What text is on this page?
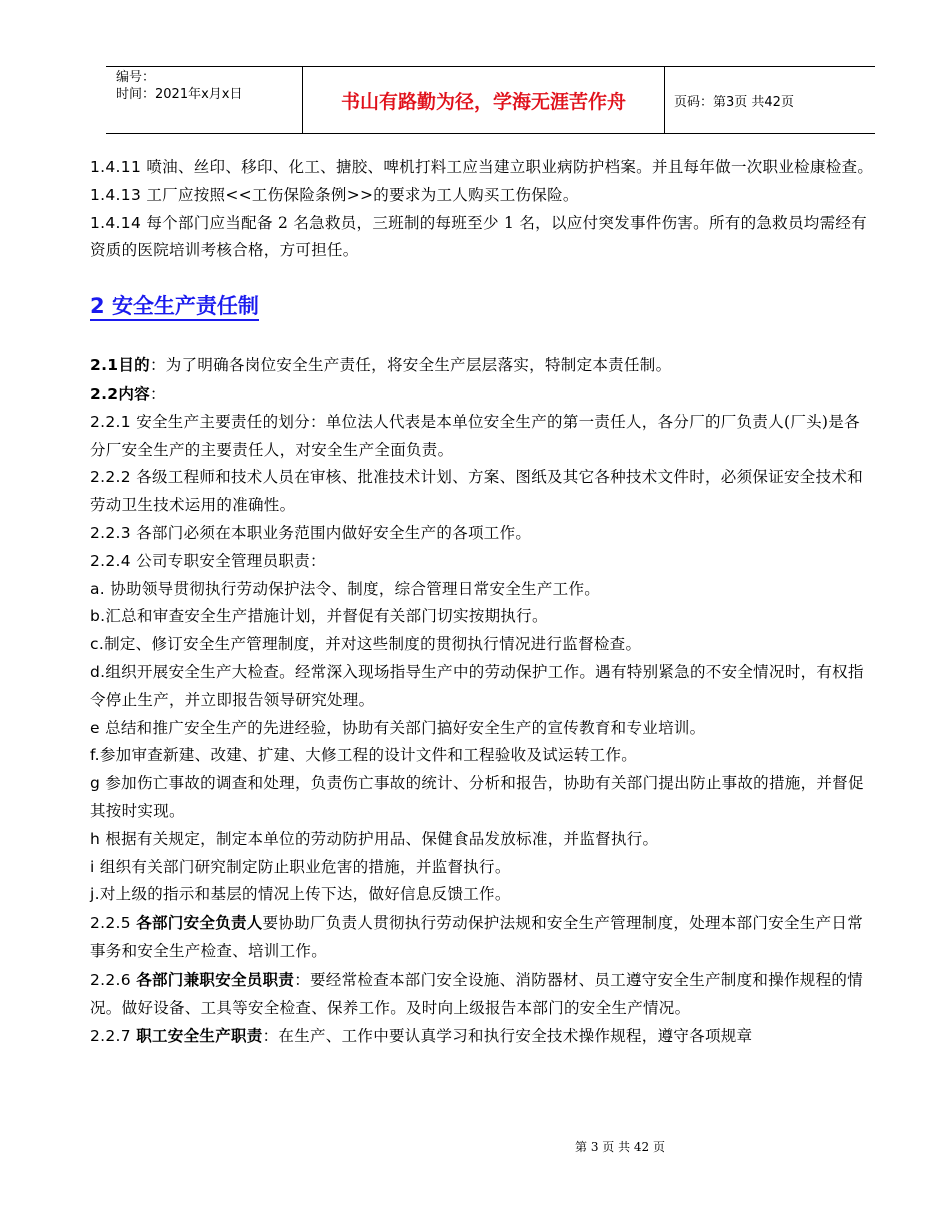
编号：
时间：2021年x月x日	书山有路勤为径，学海无涯苦作舟	页码：第3页 共42页

1.4.11 喷油、丝印、移印、化工、搪胶、啤机打料工应当建立职业病防护档案。并且每年做一次职业检康检查。

1.4.13 工厂应按照<<工伤保险条例>>的要求为工人购买工伤保险。

1.4.14 每个部门应当配备 2 名急救员，三班制的每班至少 1 名，以应付突发事件伤害。所有的急救员均需经有资质的医院培训考核合格，方可担任。

2 安全生产责任制

2.1目的：为了明确各岗位安全生产责任，将安全生产层层落实，特制定本责任制。

2.2内容：

2.2.1 安全生产主要责任的划分：单位法人代表是本单位安全生产的第一责任人，各分厂的厂负责人(厂头)是各分厂安全生产的主要责任人，对安全生产全面负责。

2.2.2 各级工程师和技术人员在审核、批准技术计划、方案、图纸及其它各种技术文件时，必须保证安全技术和劳动卫生技术运用的准确性。

2.2.3 各部门必须在本职业务范围内做好安全生产的各项工作。

2.2.4 公司专职安全管理员职责：

a. 协助领导贯彻执行劳动保护法令、制度，综合管理日常安全生产工作。

b.汇总和审查安全生产措施计划，并督促有关部门切实按期执行。

c.制定、修订安全生产管理制度，并对这些制度的贯彻执行情况进行监督检查。

d.组织开展安全生产大检查。经常深入现场指导生产中的劳动保护工作。遇有特别紧急的不安全情况时，有权指令停止生产，并立即报告领导研究处理。

e 总结和推广安全生产的先进经验，协助有关部门搞好安全生产的宣传教育和专业培训。

f.参加审查新建、改建、扩建、大修工程的设计文件和工程验收及试运转工作。

g 参加伤亡事故的调查和处理，负责伤亡事故的统计、分析和报告，协助有关部门提出防止事故的措施，并督促其按时实现。

h 根据有关规定，制定本单位的劳动防护用品、保健食品发放标准，并监督执行。

i 组织有关部门研究制定防止职业危害的措施，并监督执行。

j.对上级的指示和基层的情况上传下达，做好信息反馈工作。

2.2.5 各部门安全负责人要协助厂负责人贯彻执行劳动保护法规和安全生产管理制度，处理本部门安全生产日常事务和安全生产检查、培训工作。

2.2.6 各部门兼职安全员职责：要经常检查本部门安全设施、消防器材、员工遵守安全生产制度和操作规程的情况。做好设备、工具等安全检查、保养工作。及时向上级报告本部门的安全生产情况。

2.2.7 职工安全生产职责：在生产、工作中要认真学习和执行安全技术操作规程，遵守各项规章

第 3 页 共 42 页
